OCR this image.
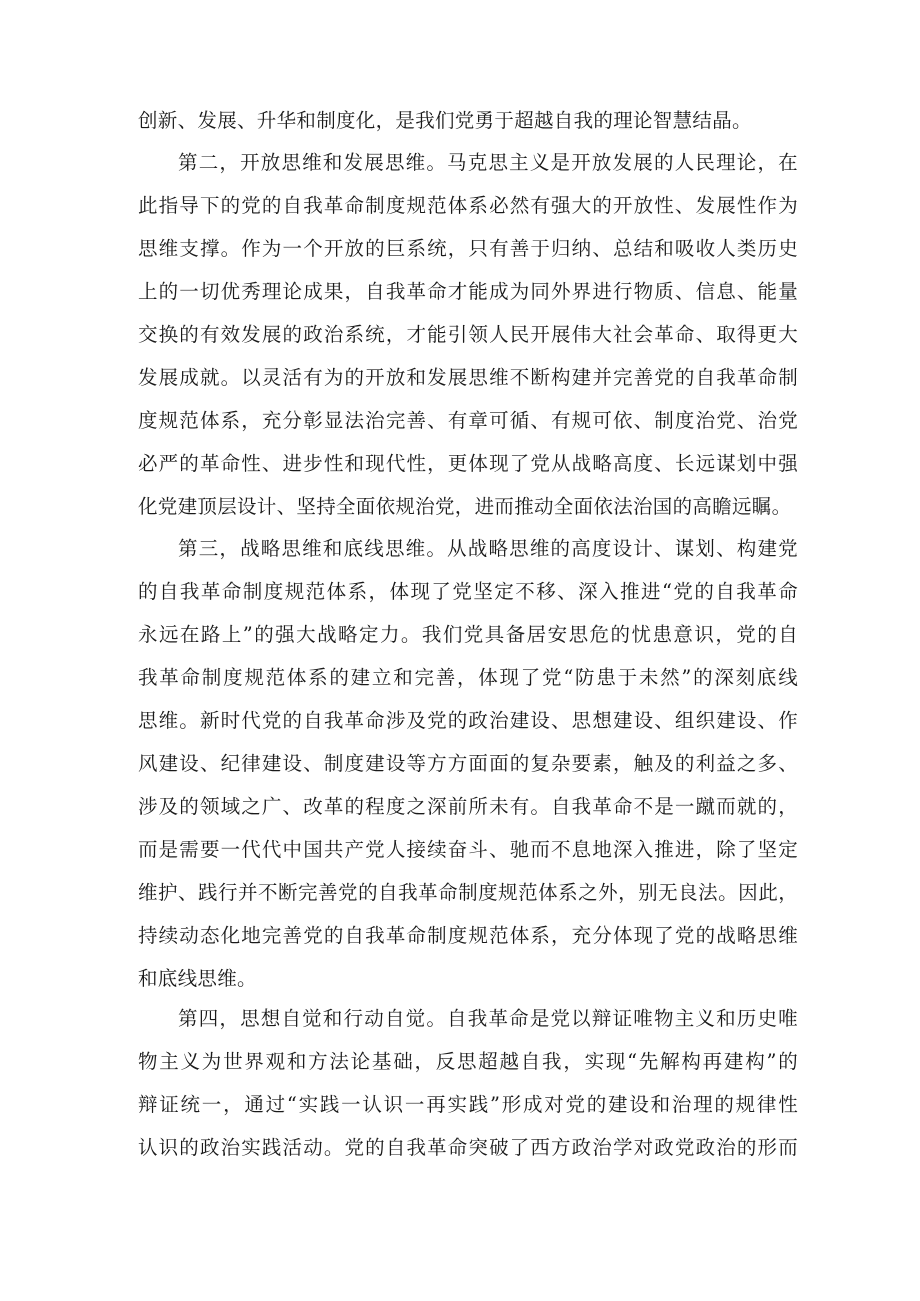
创新、发展、升华和制度化，是我们党勇于超越自我的理论智慧结晶。
第二，开放思维和发展思维。马克思主义是开放发展的人民理论，在
此指导下的党的自我革命制度规范体系必然有强大的开放性、发展性作为
思维支撑。作为一个开放的巨系统，只有善于归纳、总结和吸收人类历史
上的一切优秀理论成果，自我革命才能成为同外界进行物质、信息、能量
交换的有效发展的政治系统，才能引领人民开展伟大社会革命、取得更大
发展成就。以灵活有为的开放和发展思维不断构建并完善党的自我革命制
度规范体系，充分彰显法治完善、有章可循、有规可依、制度治党、治党
必严的革命性、进步性和现代性，更体现了党从战略高度、长远谋划中强
化党建顶层设计、坚持全面依规治党，进而推动全面依法治国的高瞻远瞩。
第三，战略思维和底线思维。从战略思维的高度设计、谋划、构建党
的自我革命制度规范体系，体现了党坚定不移、深入推进“党的自我革命
永远在路上”的强大战略定力。我们党具备居安思危的忧患意识，党的自
我革命制度规范体系的建立和完善，体现了党“防患于未然”的深刻底线
思维。新时代党的自我革命涉及党的政治建设、思想建设、组织建设、作
风建设、纪律建设、制度建设等方方面面的复杂要素，触及的利益之多、
涉及的领域之广、改革的程度之深前所未有。自我革命不是一蹴而就的，
而是需要一代代中国共产党人接续奋斗、驰而不息地深入推进，除了坚定
维护、践行并不断完善党的自我革命制度规范体系之外，别无良法。因此，
持续动态化地完善党的自我革命制度规范体系，充分体现了党的战略思维
和底线思维。
第四，思想自觉和行动自觉。自我革命是党以辩证唯物主义和历史唯
物主义为世界观和方法论基础，反思超越自我，实现“先解构再建构”的
辩证统一，通过“实践一认识一再实践”形成对党的建设和治理的规律性
认识的政治实践活动。党的自我革命突破了西方政治学对政党政治的形而
